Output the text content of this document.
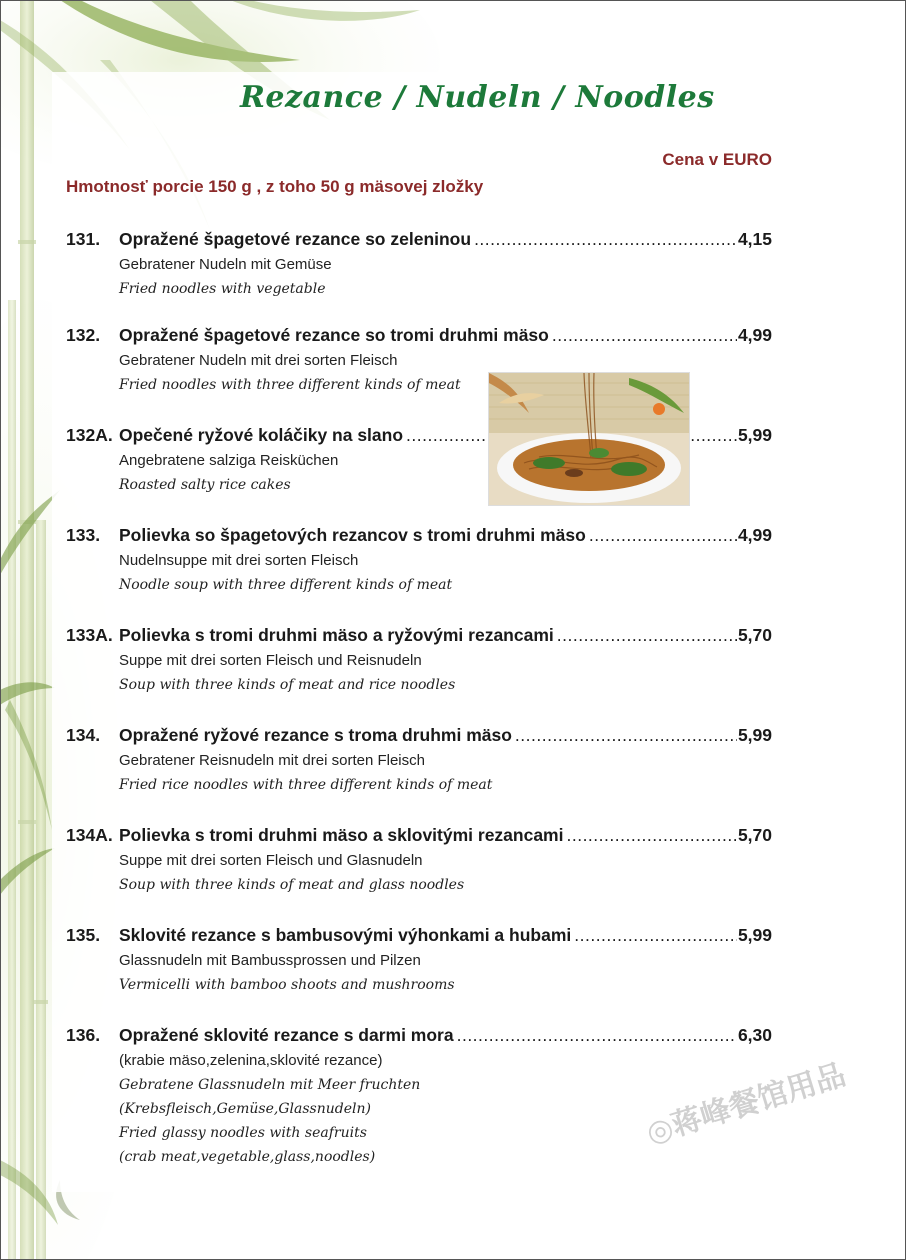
Rezance / Nudeln / Noodles
Cena v EURO
Hmotnosť porcie 150 g , z toho 50 g mäsovej zložky
131.	Opražené špagetové rezance so zeleninou .....	4,15
Gebratener Nudeln mit Gemüse
Fried noodles with vegetable
132.	Opražené špagetové rezance so tromi druhmi mäso .....	4,99
Gebratener Nudeln mit drei sorten Fleisch
Fried noodles with three different kinds of meat
132A. Opečené ryžové koláčiky na slano .....	5,99
Angebratene salziga Reisküchen
Roasted salty rice cakes
133.	Polievka so špagetových rezancov s tromi druhmi mäso .....	4,99
Nudelnsuppe mit drei sorten Fleisch
Noodle soup with three different kinds of meat
133A. Polievka s tromi druhmi mäso a ryžovými rezancami .....	5,70
Suppe mit drei sorten Fleisch und Reisnudeln
Soup with three kinds of meat and rice noodles
134.	Opražené ryžové rezance s troma druhmi mäso .....	5,99
Gebratener Reisnudeln mit drei sorten Fleisch
Fried rice noodles with three different kinds of meat
134A. Polievka s tromi druhmi mäso a sklovitými rezancami .....	5,70
Suppe mit drei sorten Fleisch und Glasnudeln
Soup with three kinds of meat and glass noodles
135.	Sklovité rezance s bambusovými výhonkami a hubami .....	5,99
Glassnudeln mit Bambussprossen und Pilzen
Vermicelli with bamboo shoots and mushrooms
136.	Opražené sklovité rezance s darmi mora .....	6,30
(krabie mäso,zelenina,sklovité rezance)
Gebratene Glassnudeln mit Meer fruchten
(Krebsfleisch,Gemüse,Glassnudeln)
Fried glassy noodles with seafruits
(crab meat,vegetable,glass,noodles)
◎蒋峰餐馆用品
